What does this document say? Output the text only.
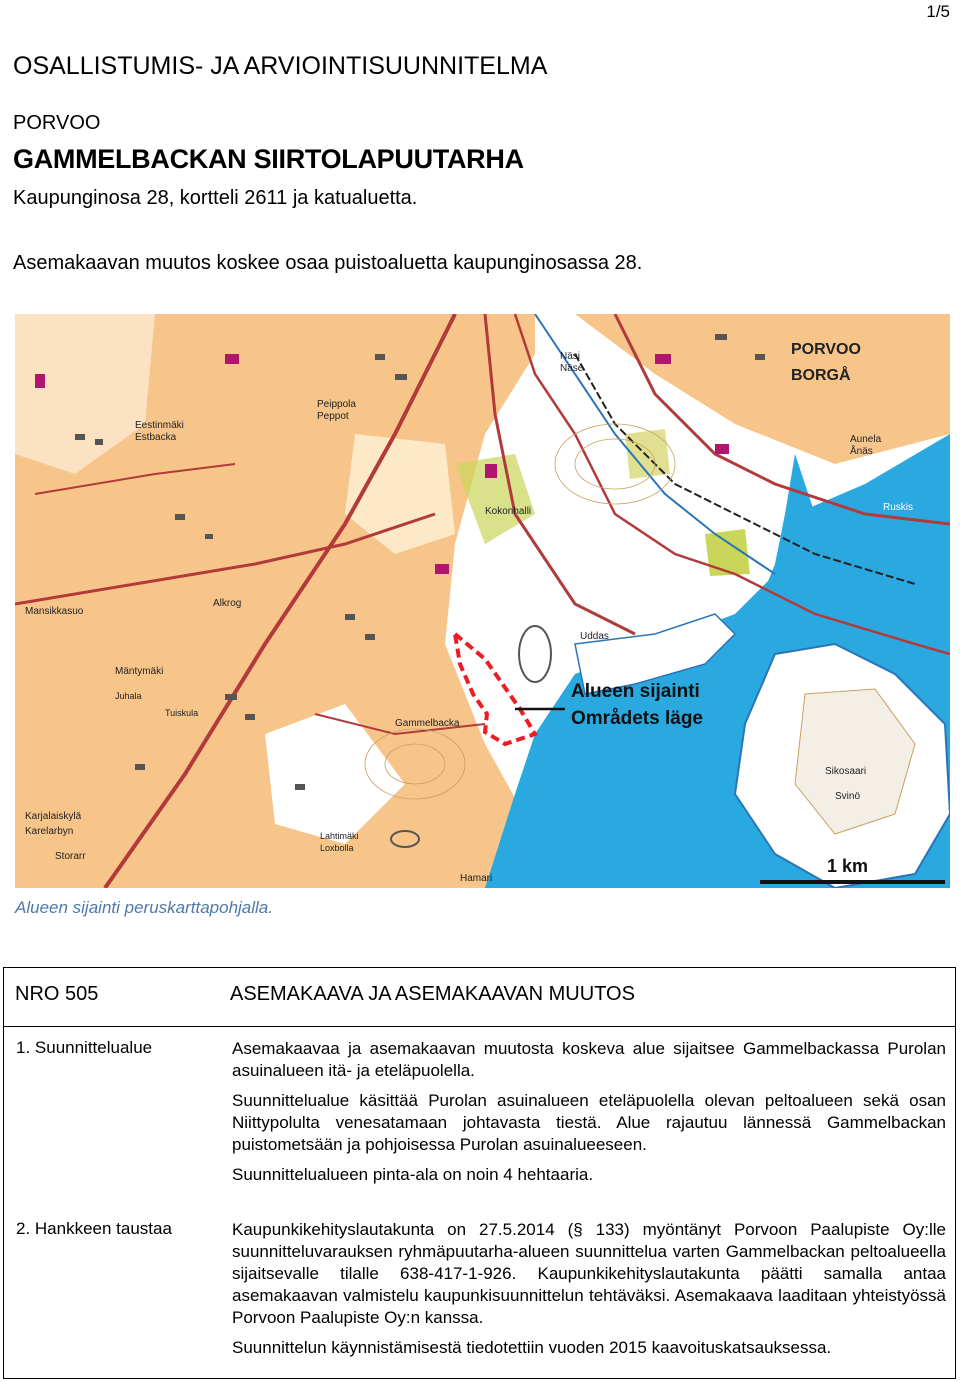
1/5
OSALLISTUMIS- JA ARVIOINTISUUNNITELMA
PORVOO
GAMMELBACKAN SIIRTOLAPUUTARHA
Kaupunginosa 28, kortteli 2611 ja katualuetta.
Asemakaavan muutos koskee osaa puistoaluetta kaupunginosassa 28.
PORVOO
BORGÅ
Alueen sijainti
Områdets läge
1 km
Gammelbacka
Uddas
Hamari
Alkrog
Peippola
Peppot
Eestinmäki
Estbacka
Mansikkasuo
Mäntymäki
Juhala
Tuiskula
Kokonhalli
Sikosaari
Svinö
Aunela
Ånäs
Ruskis
Karjalaiskylä
Karelarbyn
Storarr
Lahtimäki
Loxbolla
Näsi
Näse
Alueen sijainti peruskarttapohjalla.
NRO 505	ASEMAKAAVA JA ASEMAKAAVAN MUUTOS
1. Suunnittelualue	Asemakaavaa ja asemakaavan muutosta koskeva alue sijaitsee Gammelbackassa Purolan asuinalueen itä- ja eteläpuolella.

Suunnittelualue käsittää Purolan asuinalueen eteläpuolella olevan peltoalueen sekä osan Niittypolulta venesatamaan johtavasta tiestä. Alue rajautuu lännessä Gammelbackan puistometsään ja pohjoisessa Purolan asuinalueeseen.

Suunnittelualueen pinta-ala on noin 4 hehtaaria.

2. Hankkeen taustaa	Kaupunkikehityslautakunta on 27.5.2014 (§ 133) myöntänyt Porvoon Paalupiste Oy:lle suunnitteluvarauksen ryhmäpuutarha-alueen suunnittelua varten Gammelbackan peltoalueella sijaitsevalle tilalle 638-417-1-926. Kaupunkikehityslautakunta päätti samalla antaa asemakaavan valmistelu kaupunkisuunnittelun tehtäväksi. Asemakaava laaditaan yhteistyössä Porvoon Paalupiste Oy:n kanssa.

Suunnittelun käynnistämisestä tiedotettiin vuoden 2015 kaavoituskatsauksessa.
